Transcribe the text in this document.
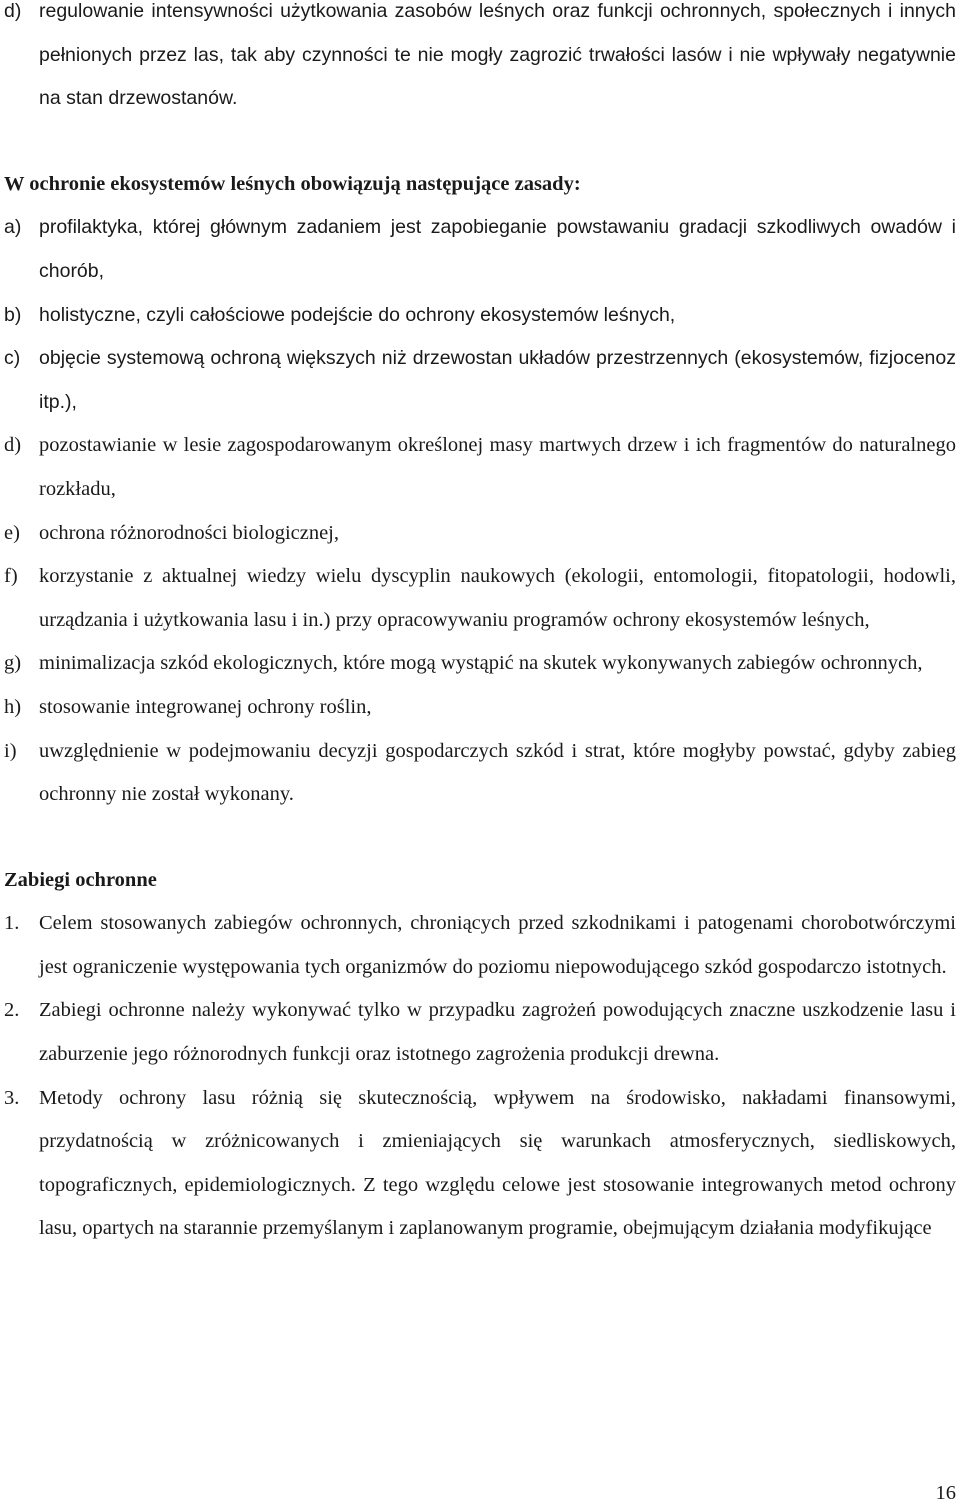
d) regulowanie intensywności użytkowania zasobów leśnych oraz funkcji ochronnych, społecznych i innych pełnionych przez las, tak aby czynności te nie mogły zagrozić trwałości lasów i nie wpływały negatywnie na stan drzewostanów.
W ochronie ekosystemów leśnych obowiązują następujące zasady:
a) profilaktyka, której głównym zadaniem jest zapobieganie powstawaniu gradacji szkodliwych owadów i chorób,
b) holistyczne, czyli całościowe podejście do ochrony ekosystemów leśnych,
c) objęcie systemową ochroną większych niż drzewostan układów przestrzennych (ekosystemów, fizjocenoz itp.),
d) pozostawianie w lesie zagospodarowanym określonej masy martwych drzew i ich fragmentów do naturalnego rozkładu,
e) ochrona różnorodności biologicznej,
f)	korzystanie z aktualnej wiedzy wielu dyscyplin naukowych (ekologii, entomologii, fitopatologii, hodowli, urządzania i użytkowania lasu i in.) przy opracowywaniu programów ochrony ekosystemów leśnych,
g) minimalizacja szkód ekologicznych, które mogą wystąpić na skutek wykonywanych zabiegów ochronnych,
h) stosowanie integrowanej ochrony roślin,
i)	uwzględnienie w podejmowaniu decyzji gospodarczych szkód i strat, które mogłyby powstać, gdyby zabieg ochronny nie został wykonany.
Zabiegi ochronne
1. Celem stosowanych zabiegów ochronnych, chroniących przed szkodnikami i patogenami chorobotwórczymi jest ograniczenie występowania tych organizmów do poziomu niepowodującego szkód gospodarczo istotnych.
2. Zabiegi ochronne należy wykonywać tylko w przypadku zagrożeń powodujących znaczne uszkodzenie lasu i zaburzenie jego różnorodnych funkcji oraz istotnego zagrożenia produkcji drewna.
3. Metody ochrony lasu różnią się skutecznością, wpływem na środowisko, nakładami finansowymi, przydatnością w zróżnicowanych i zmieniających się warunkach atmosferycznych, siedliskowych, topograficznych, epidemiologicznych. Z tego względu celowe jest stosowanie integrowanych metod ochrony lasu, opartych na starannie przemyślanym i zaplanowanym programie, obejmującym działania modyfikujące
16
